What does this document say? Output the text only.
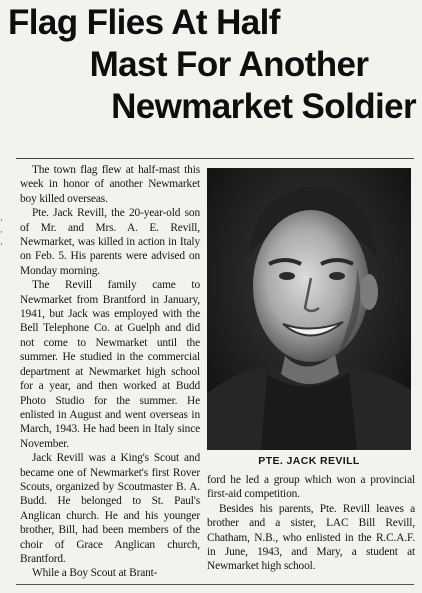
Flag Flies At Half
Mast For Another
Newmarket Soldier
·
·
·

The town flag flew at half-mast this week in honor of another Newmarket boy killed overseas.

Pte. Jack Revill, the 20-year-old son of Mr. and Mrs. A. E. Revill, Newmarket, was killed in action in Italy on Feb. 5. His parents were advised on Monday morning.

The Revill family came to Newmarket from Brantford in January, 1941, but Jack was employed with the Bell Telephone Co. at Guelph and did not come to Newmarket until the summer. He studied in the commercial department at Newmarket high school for a year, and then worked at Budd Photo Studio for the summer. He enlisted in August and went overseas in March, 1943. He had been in Italy since November.

Jack Revill was a King's Scout and became one of Newmarket's first Rover Scouts, organized by Scoutmaster B. A. Budd. He belonged to St. Paul's Anglican church. He and his younger brother, Bill, had been members of the choir of Grace Anglican church, Brantford.

While a Boy Scout at Brant-

PTE. JACK REVILL

ford he led a group which won a provincial first-aid competition.

Besides his parents, Pte. Revill leaves a brother and a sister, LAC Bill Revill, Chatham, N.B., who enlisted in the R.C.A.F. in June, 1943, and Mary, a student at Newmarket high school.
